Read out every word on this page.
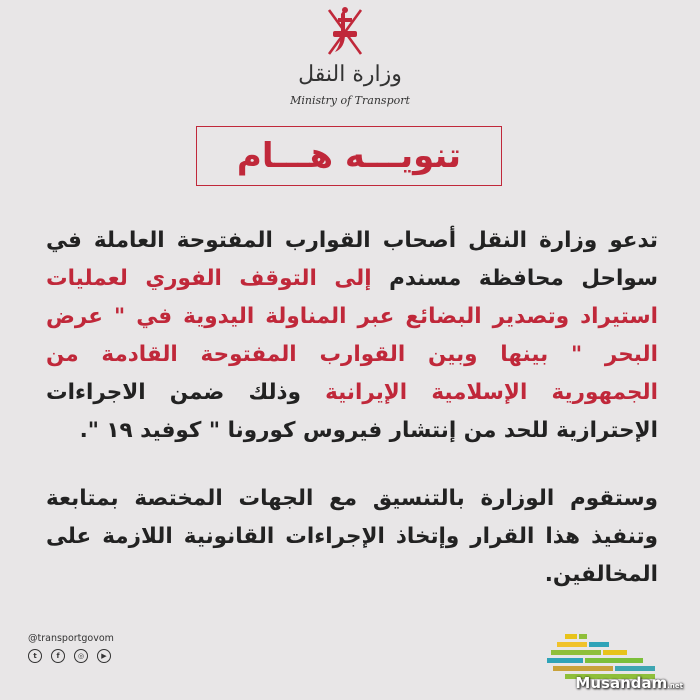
وزارة النقل
Ministry of Transport
تنويـــه هـــام
تدعو وزارة النقل أصحاب القوارب المفتوحة العاملة في سواحل محافظة مسندم إلى التوقف الفوري لعمليات استيراد وتصدير البضائع عبر المناولة اليدوية في " عرض البحر " بينها وبين القوارب المفتوحة القادمة من الجمهورية الإسلامية الإيرانية وذلك ضمن الاجراءات الإحترازية للحد من إنتشار فيروس كورونا " كوفيد ١٩ ".
وستقوم الوزارة بالتنسيق مع الجهات المختصة بمتابعة وتنفيذ هذا القرار وإتخاذ الإجراءات القانونية اللازمة على المخالفين.
@transportgovom
t	f	◎	▶
Musandam.net
